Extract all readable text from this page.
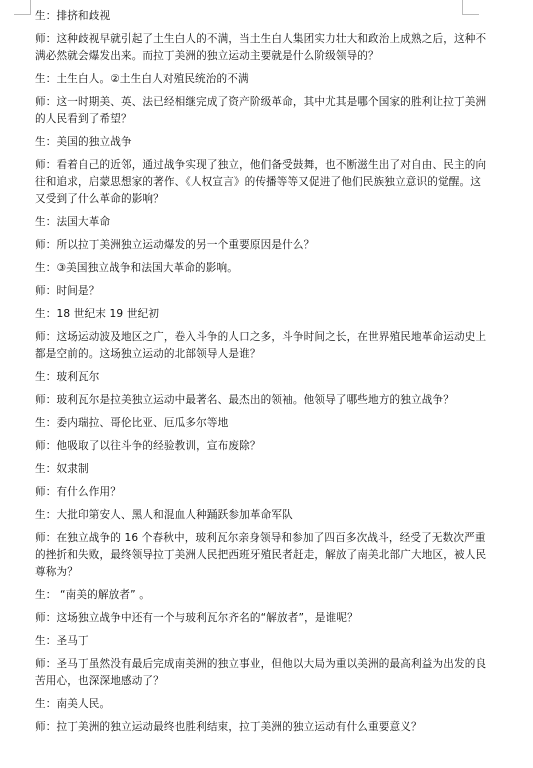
生：排挤和歧视

师：这种歧视早就引起了土生白人的不满，当土生白人集团实力壮大和政治上成熟之后，这种不满必然就会爆发出来。而拉丁美洲的独立运动主要就是什么阶级领导的？

生：土生白人。②土生白人对殖民统治的不满

师：这一时期美、英、法已经相继完成了资产阶级革命，其中尤其是哪个国家的胜利让拉丁美洲的人民看到了希望？

生：美国的独立战争

师：看着自己的近邻，通过战争实现了独立，他们备受鼓舞，也不断滋生出了对自由、民主的向往和追求，启蒙思想家的著作、《人权宣言》的传播等等又促进了他们民族独立意识的觉醒。这又受到了什么革命的影响？

生：法国大革命

师：所以拉丁美洲独立运动爆发的另一个重要原因是什么？

生：③美国独立战争和法国大革命的影响。

师：时间是？

生：18 世纪末 19 世纪初

师：这场运动波及地区之广，卷入斗争的人口之多，斗争时间之长，在世界殖民地革命运动史上都是空前的。这场独立运动的北部领导人是谁？

生：玻利瓦尔

师：玻利瓦尔是拉美独立运动中最著名、最杰出的领袖。他领导了哪些地方的独立战争？

生：委内瑞拉、哥伦比亚、厄瓜多尔等地

师：他吸取了以往斗争的经验教训，宣布废除？

生：奴隶制

师：有什么作用？

生：大批印第安人、黑人和混血人种踊跃参加革命军队

师：在独立战争的 16 个春秋中，玻利瓦尔亲身领导和参加了四百多次战斗，经受了无数次严重的挫折和失败，最终领导拉丁美洲人民把西班牙殖民者赶走，解放了南美北部广大地区，被人民尊称为？

生： “南美的解放者” 。

师：这场独立战争中还有一个与玻利瓦尔齐名的“解放者”，是谁呢？

生：圣马丁

师：圣马丁虽然没有最后完成南美洲的独立事业，但他以大局为重以美洲的最高利益为出发的良苦用心，也深深地感动了？

生：南美人民。

师：拉丁美洲的独立运动最终也胜利结束，拉丁美洲的独立运动有什么重要意义？
